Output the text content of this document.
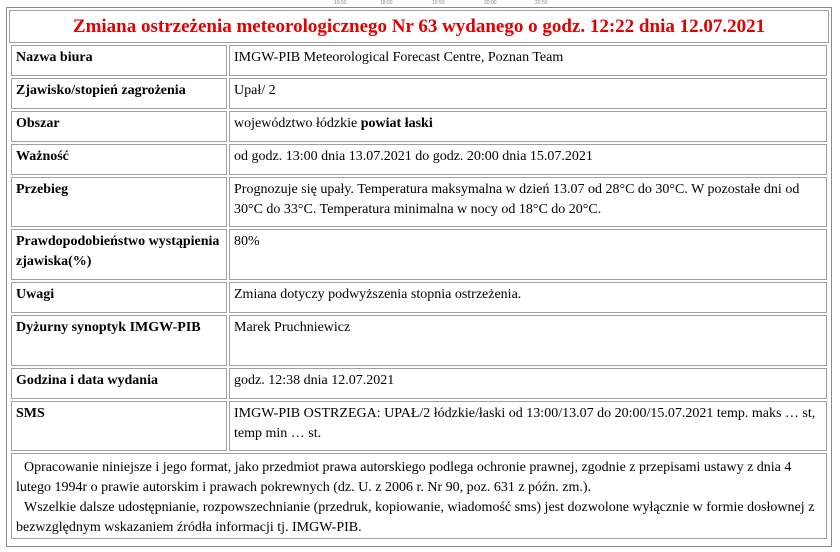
10:50	18:00	10:50	20:00	20:50
Zmiana ostrzeżenia meteorologicznego Nr 63 wydanego o godz. 12:22 dnia 12.07.2021
Nazwa biura	IMGW-PIB Meteorological Forecast Centre, Poznan Team
Zjawisko/stopień zagrożenia	Upał/ 2
Obszar	województwo łódzkie powiat łaski
Ważność	od godz. 13:00 dnia 13.07.2021 do godz. 20:00 dnia 15.07.2021
Przebieg	Prognozuje się upały. Temperatura maksymalna w dzień 13.07 od 28°C do 30°C. W pozostałe dni od 30°C do 33°C. Temperatura minimalna w nocy od 18°C do 20°C.
Prawdopodobieństwo wystąpienia zjawiska(%)	80%
Uwagi	Zmiana dotyczy podwyższenia stopnia ostrzeżenia.
Dyżurny synoptyk IMGW-PIB	Marek Pruchniewicz
Godzina i data wydania	godz. 12:38 dnia 12.07.2021
SMS	IMGW-PIB OSTRZEGA: UPAŁ/2 łódzkie/łaski od 13:00/13.07 do 20:00/15.07.2021 temp. maks … st, temp min … st.

Opracowanie niniejsze i jego format, jako przedmiot prawa autorskiego podlega ochronie prawnej, zgodnie z przepisami ustawy z dnia 4 lutego 1994r o prawie autorskim i prawach pokrewnych (dz. U. z 2006 r. Nr 90, poz. 631 z późn. zm.).

Wszelkie dalsze udostępnianie, rozpowszechnianie (przedruk, kopiowanie, wiadomość sms) jest dozwolone wyłącznie w formie dosłownej z bezwzględnym wskazaniem źródła informacji tj. IMGW-PIB.
